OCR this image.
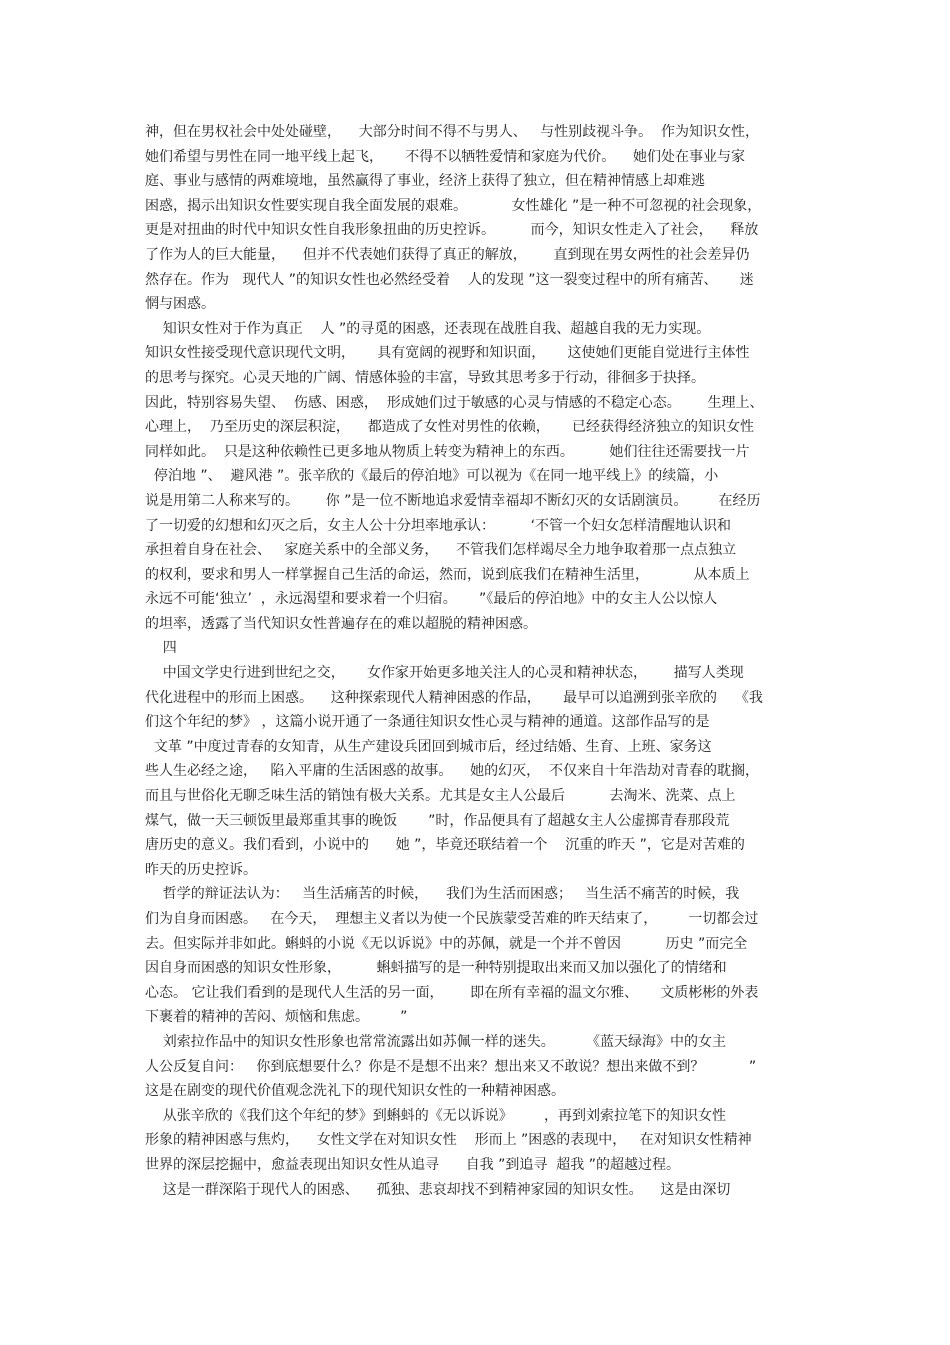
神，但在男权社会中处处碰壁，    大部分时间不得不与男人、   与性别歧视斗争。  作为知识女性，
她们希望与男性在同一地平线上起飞，     不得不以牺牲爱情和家庭为代价。    她们处在事业与家
庭、事业与感情的两难境地，虽然赢得了事业，经济上获得了独立，但在精神情感上却难逃
困惑，揭示出知识女性要实现自我全面发展的艰难。          女性雄化 ”是一种不可忽视的社会现象，
更是对扭曲的时代中知识女性自我形象扭曲的历史控诉。        而今，知识女性走入了社会，    释放
了作为人的巨大能量，    但并不代表她们获得了真正的解放，      直到现在男女两性的社会差异仍
然存在。作为   现代人 ”的知识女性也必然经受着    人的发现 ”这一裂变过程中的所有痛苦、     迷
惘与困惑。
知识女性对于作为真正    人 ”的寻觅的困惑，还表现在战胜自我、超越自我的无力实现。
知识女性接受现代意识现代文明，     具有宽阔的视野和知识面，     这使她们更能自觉进行主体性
的思考与探究。心灵天地的广阔、情感体验的丰富，导致其思考多于行动，徘徊多于抉择。
因此，特别容易失望、  伤感、困惑，  形成她们过于敏感的心灵与情感的不稳定心态。      生理上、
心理上，  乃至历史的深层积淀，    都造成了女性对男性的依赖，     已经获得经济独立的知识女性
同样如此。  只是这种依赖性已更多地从物质上转变为精神上的东西。        她们往往还需要找一片
停泊地 ”、  避风港 ”。张辛欣的《最后的停泊地》可以视为《在同一地平线上》的续篇，小
说是用第二人称来写的。      你 ”是一位不断地追求爱情幸福却不断幻灭的女话剧演员。       在经历
了一切爱的幻想和幻灭之后，女主人公十分坦率地承认：        ‘不管一个妇女怎样清醒地认识和
承担着自身在社会、   家庭关系中的全部义务，    不管我们怎样竭尽全力地争取着那一点点独立
的权利，要求和男人一样掌握自己生活的命运，然而，说到底我们在精神生活里，          从本质上
永远不可能‘独立’  ，永远渴望和要求着一个归宿。     ”《最后的停泊地》中的女主人公以惊人
的坦率，透露了当代知识女性普遍存在的难以超脱的精神困惑。
四
中国文学史行进到世纪之交，     女作家开始更多地关注人的心灵和精神状态，      描写人类现
代化进程中的形而上困惑。    这种探索现代人精神困惑的作品，     最早可以追溯到张辛欣的    《我
们这个年纪的梦》 ，这篇小说开通了一条通往知识女性心灵与精神的通道。这部作品写的是
文革 ”中度过青春的女知青，从生产建设兵团回到城市后，经过结婚、生育、上班、家务这
些人生必经之途，   陷入平庸的生活困惑的故事。    她的幻灭，  不仅来自十年浩劫对青春的耽搁，
而且与世俗化无聊乏味生活的销蚀有极大关系。尤其是女主人公最后          去淘米、洗菜、点上
煤气，做一天三顿饭里最郑重其事的晚饭       ”时，作品便具有了超越女主人公虚掷青春那段荒
唐历史的意义。我们看到，小说中的      她 ”，毕竟还联结着一个    沉重的昨天 ”，它是对苦难的
昨天的历史控诉。
哲学的辩证法认为：   当生活痛苦的时候，    我们为生活而困惑；   当生活不痛苦的时候，我
们为自身而困惑。   在今天，  理想主义者以为使一个民族蒙受苦难的昨天结束了，       一切都会过
去。但实际并非如此。蝌蚪的小说《无以诉说》中的苏佩，就是一个并不曾因          历史 ”而完全
因自身而困惑的知识女性形象，        蝌蚪描写的是一种特别提取出来而又加以强化了的情绪和
心态。 它让我们看到的是现代人生活的另一面，      即在所有幸福的温文尔雅、     文质彬彬的外表
下裹着的精神的苦闷、烦恼和焦虑。       ”
刘索拉作品中的知识女性形象也常常流露出如苏佩一样的迷失。       《蓝天绿海》中的女主
人公反复自问：   你到底想要什么？你是不是想不出来？想出来又不敢说？想出来做不到？          ”
这是在剧变的现代价值观念洗礼下的现代知识女性的一种精神困惑。
从张辛欣的《我们这个年纪的梦》到蝌蚪的《无以诉说》       ，再到刘索拉笔下的知识女性
形象的精神困惑与焦灼，    女性文学在对知识女性    形而上 ”困惑的表现中，   在对知识女性精神
世界的深层挖掘中，愈益表现出知识女性从追寻      自我 ”到追寻  超我 ”的超越过程。
这是一群深陷于现代人的困惑、    孤独、悲哀却找不到精神家园的知识女性。    这是由深切
